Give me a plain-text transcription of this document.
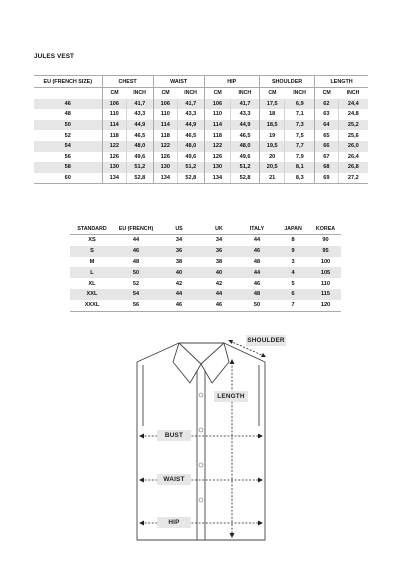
JULES VEST
EU (FRENCH SIZE)	CHEST		WAIST		HIP		SHOULDER		LENGTH	
	CM	INCH	CM	INCH	CM	INCH	CM	INCH	CM	INCH
46	106	41,7	106	41,7	106	41,7	17,5	6,9	62	24,4
48	110	43,3	110	43,3	110	43,3	18	7,1	63	24,8
50	114	44,9	114	44,9	114	44,9	18,5	7,3	64	25,2
52	118	46,5	118	46,5	118	46,5	19	7,5	65	25,6
54	122	48,0	122	48,0	122	48,0	19,5	7,7	66	26,0
56	126	49,6	126	49,6	126	49,6	20	7,9	67	26,4
58	130	51,2	130	51,2	130	51,2	20,5	8,1	68	26,8
60	134	52,8	134	52,8	134	52,8	21	8,3	69	27,2
STANDARD	EU (FRENCH)	US	UK	ITALY	JAPAN	KOREA
XS	44	34	34	44	8	90
S	46	36	36	46	9	95
M	48	38	38	48	3	100
L	50	40	40	44	4	105
XL	52	42	42	46	5	110
XXL	54	44	44	48	6	115
XXXL	56	46	46	50	7	120
SHOULDER
LENGTH
BUST
WAIST
HIP
